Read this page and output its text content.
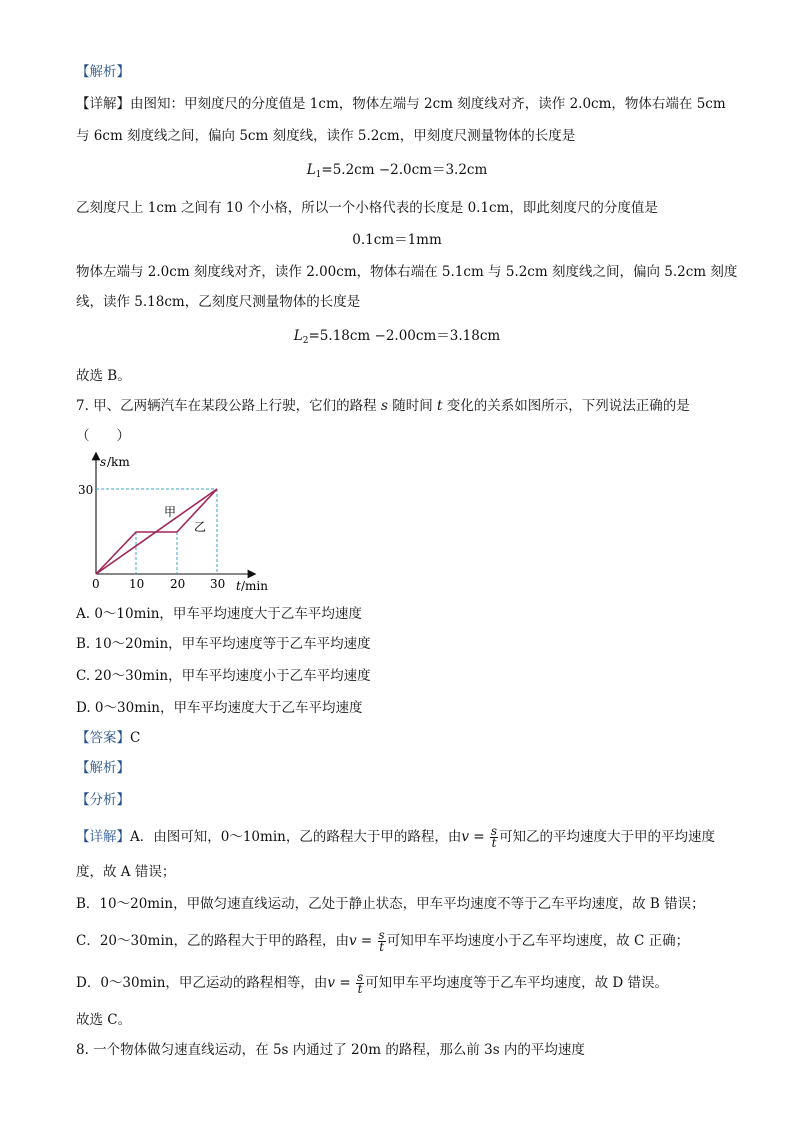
【解析】
【详解】由图知：甲刻度尺的分度值是 1cm，物体左端与 2cm 刻度线对齐，读作 2.0cm，物体右端在 5cm
与 6cm 刻度线之间，偏向 5cm 刻度线，读作 5.2cm，甲刻度尺测量物体的长度是
$L_1=5.2cm -2.0cm=3.2cm$
乙刻度尺上 1cm 之间有 10 个小格，所以一个小格代表的长度是 0.1cm，即此刻度尺的分度值是
0.1cm＝1mm
物体左端与 2.0cm 刻度线对齐，读作 2.00cm，物体右端在 5.1cm 与 5.2cm 刻度线之间，偏向 5.2cm 刻度
线，读作 5.18cm，乙刻度尺测量物体的长度是
$L_2=5.18cm -2.00cm=3.18cm$
故选 B。
7. 甲、乙两辆汽车在某段公路上行驶，它们的路程 s 随时间 t 变化的关系如图所示，下列说法正确的是
（　　）
s /km
30
0 10 20 30 t /min
甲
乙
A. 0～10min，甲车平均速度大于乙车平均速度
B. 10～20min，甲车平均速度等于乙车平均速度
C. 20～30min，甲车平均速度小于乙车平均速度
D. 0～30min，甲车平均速度大于乙车平均速度
【答案】C
【解析】
【分析】
【详解】A．由图可知，0～10min，乙的路程大于甲的路程，由$v = \frac{s}{t}$ 可知乙的平均速度大于甲的平均速度
度，故 A 错误；
B．10～20min，甲做匀速直线运动，乙处于静止状态，甲车平均速度不等于乙车平均速度，故 B 错误；
C．20～30min，乙的路程大于甲的路程，由$v = \frac{s}{t}$ 可知甲车平均速度小于乙车平均速度，故 C 正确；
D．0～30min，甲乙运动的路程相等，由$v = \frac{s}{t}$ 可知甲车平均速度等于乙车平均速度，故 D 错误。
故选 C。
8. 一个物体做匀速直线运动，在 5s 内通过了 20m 的路程，那么前 3s 内的平均速度
